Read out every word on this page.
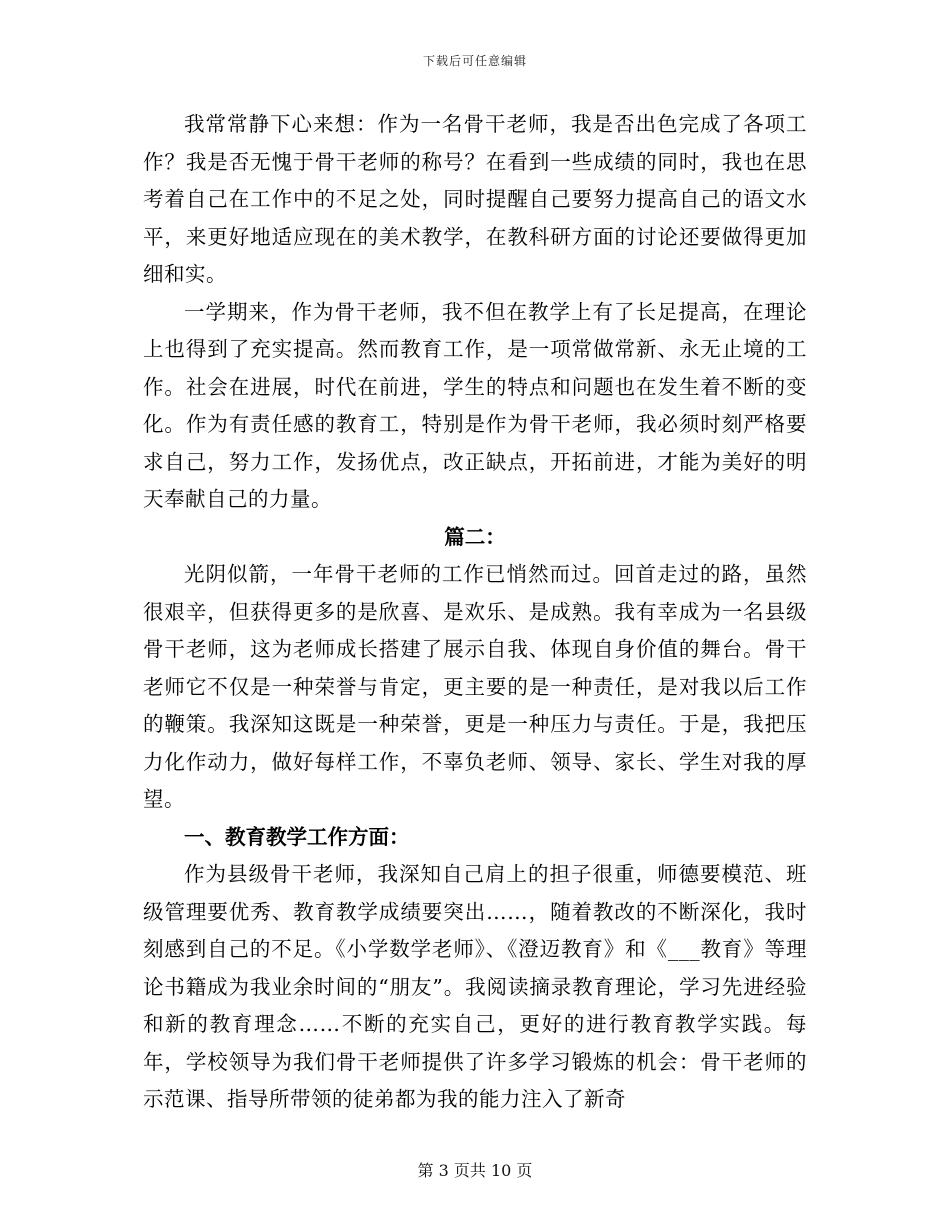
下载后可任意编辑

我常常静下心来想：作为一名骨干老师，我是否出色完成了各项工作？我是否无愧于骨干老师的称号？在看到一些成绩的同时，我也在思考着自己在工作中的不足之处，同时提醒自己要努力提高自己的语文水平，来更好地适应现在的美术教学，在教科研方面的讨论还要做得更加细和实。

一学期来，作为骨干老师，我不但在教学上有了长足提高，在理论上也得到了充实提高。然而教育工作，是一项常做常新、永无止境的工作。社会在进展，时代在前进，学生的特点和问题也在发生着不断的变化。作为有责任感的教育工，特别是作为骨干老师，我必须时刻严格要求自己，努力工作，发扬优点，改正缺点，开拓前进，才能为美好的明天奉献自己的力量。

篇二：

光阴似箭，一年骨干老师的工作已悄然而过。回首走过的路，虽然很艰辛，但获得更多的是欣喜、是欢乐、是成熟。我有幸成为一名县级骨干老师，这为老师成长搭建了展示自我、体现自身价值的舞台。骨干老师它不仅是一种荣誉与肯定，更主要的是一种责任，是对我以后工作的鞭策。我深知这既是一种荣誉，更是一种压力与责任。于是，我把压力化作动力，做好每样工作，不辜负老师、领导、家长、学生对我的厚望。

一、教育教学工作方面：

作为县级骨干老师，我深知自己肩上的担子很重，师德要模范、班级管理要优秀、教育教学成绩要突出……，随着教改的不断深化，我时刻感到自己的不足。《小学数学老师》、《澄迈教育》和《___教育》等理论书籍成为我业余时间的“朋友”。我阅读摘录教育理论，学习先进经验和新的教育理念……不断的充实自己，更好的进行教育教学实践。每年，学校领导为我们骨干老师提供了许多学习锻炼的机会：骨干老师的示范课、指导所带领的徒弟都为我的能力注入了新奇

第 3 页共 10 页
